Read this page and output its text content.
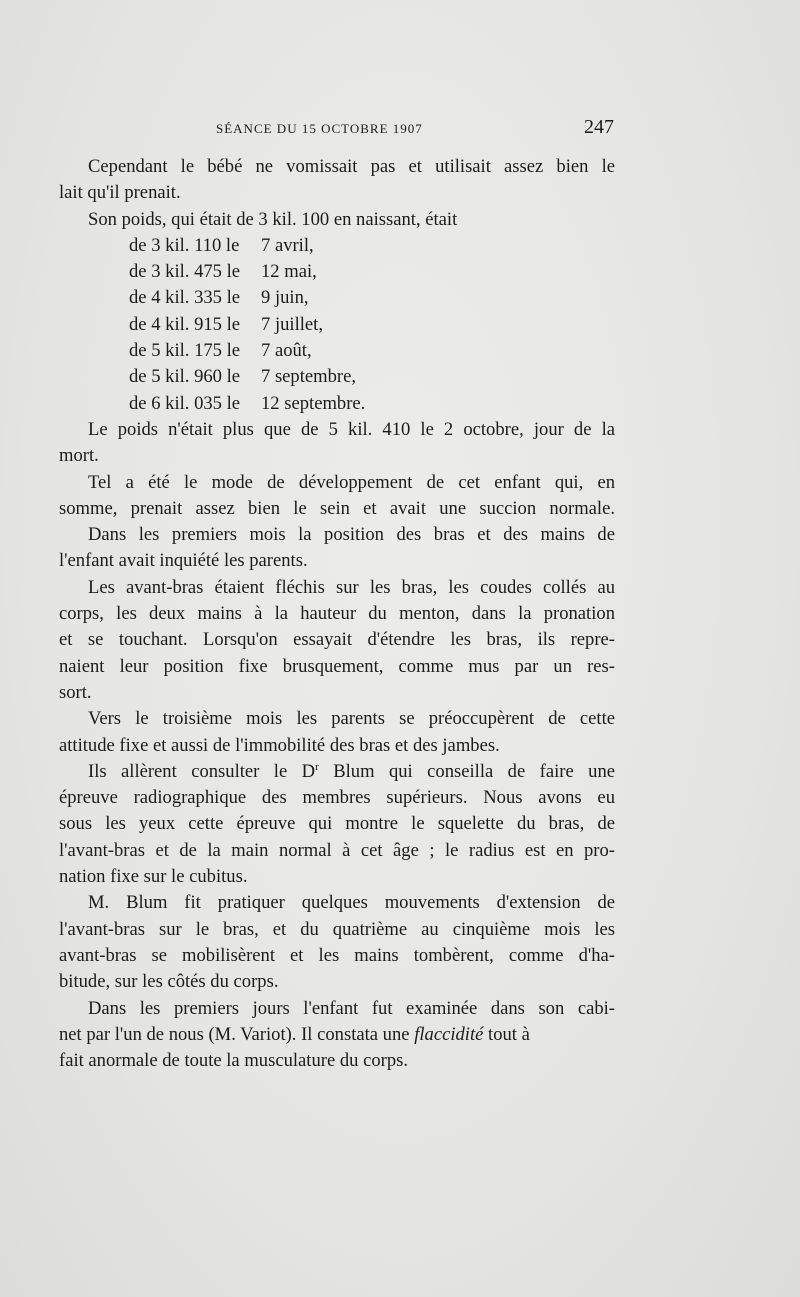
SÉANCE DU 15 OCTOBRE 1907	247
Cependant le bébé ne vomissait pas et utilisait assez bien le
lait qu'il prenait.
Son poids, qui était de 3 kil. 100 en naissant, était
de 3 kil. 110 le 7 avril,
de 3 kil. 475 le 12 mai,
de 4 kil. 335 le 9 juin,
de 4 kil. 915 le 7 juillet,
de 5 kil. 175 le 7 août,
de 5 kil. 960 le 7 septembre,
de 6 kil. 035 le 12 septembre.
Le poids n'était plus que de 5 kil. 410 le 2 octobre, jour de la
mort.
Tel a été le mode de développement de cet enfant qui, en
somme, prenait assez bien le sein et avait une succion normale.
Dans les premiers mois la position des bras et des mains de
l'enfant avait inquiété les parents.
Les avant-bras étaient fléchis sur les bras, les coudes collés au
corps, les deux mains à la hauteur du menton, dans la pronation
et se touchant. Lorsqu'on essayait d'étendre les bras, ils repre-
naient leur position fixe brusquement, comme mus par un res-
sort.
Vers le troisième mois les parents se préoccupèrent de cette
attitude fixe et aussi de l'immobilité des bras et des jambes.
Ils allèrent consulter le $D^r$ Blum qui conseilla de faire une
épreuve radiographique des membres supérieurs. Nous avons eu
sous les yeux cette épreuve qui montre le squelette du bras, de
l'avant-bras et de la main normal à cet âge ; le radius est en pro-
nation fixe sur le cubitus.
M. Blum fit pratiquer quelques mouvements d'extension de
l'avant-bras sur le bras, et du quatrième au cinquième mois les
avant-bras se mobilisèrent et les mains tombèrent, comme d'ha-
bitude, sur les côtés du corps.
Dans les premiers jours l'enfant fut examinée dans son cabi-
net par l'un de nous (M. Variot). Il constata une flaccidité tout à
fait anormale de toute la musculature du corps.
